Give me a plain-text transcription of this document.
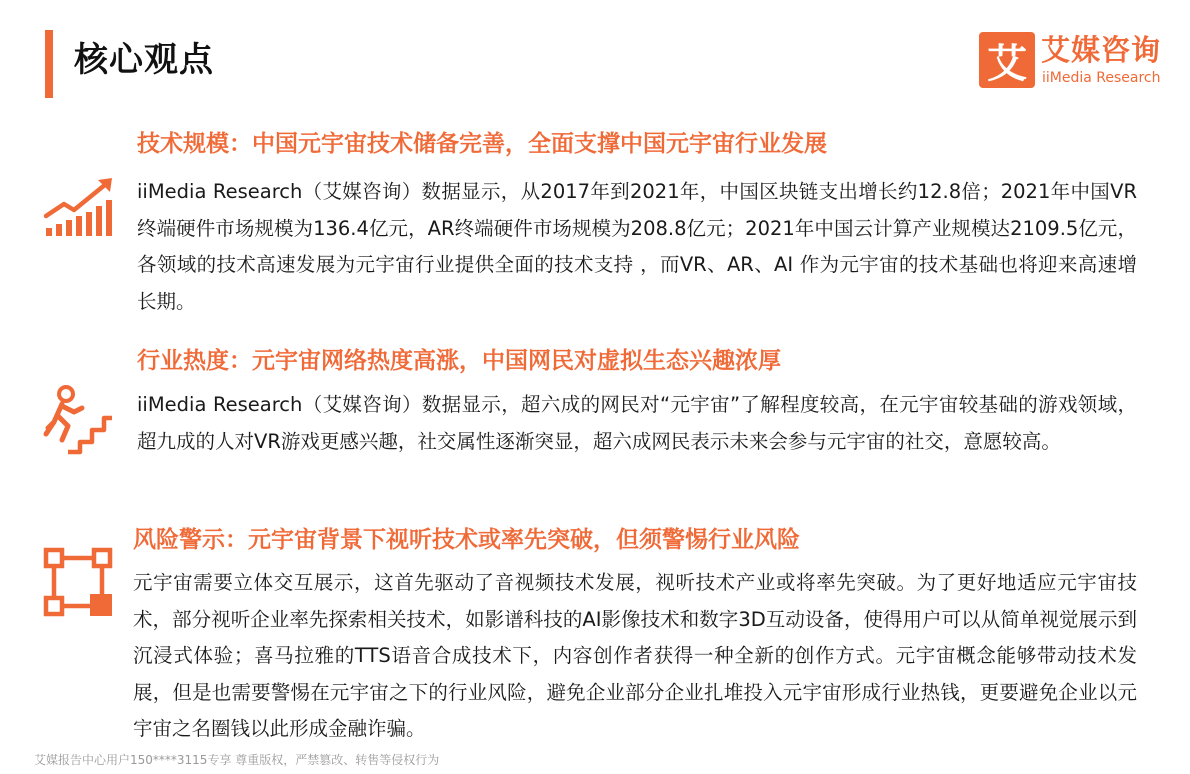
核心观点	艾 艾媒咨询
iiMedia Research
技术规模：中国元宇宙技术储备完善，全面支撑中国元宇宙行业发展
iiMedia Research（艾媒咨询）数据显示，从2017年到2021年，中国区块链支出增长约12.8倍；2021年中国VR终端硬件市场规模为136.4亿元，AR终端硬件市场规模为208.8亿元；2021年中国云计算产业规模达2109.5亿元，各领域的技术高速发展为元宇宙行业提供全面的技术支持 ，而VR、AR、AI 作为元宇宙的技术基础也将迎来高速增长期。
行业热度：元宇宙网络热度高涨，中国网民对虚拟生态兴趣浓厚
iiMedia Research（艾媒咨询）数据显示，超六成的网民对“元宇宙”了解程度较高，在元宇宙较基础的游戏领域，超九成的人对VR游戏更感兴趣，社交属性逐渐突显，超六成网民表示未来会参与元宇宙的社交，意愿较高。
风险警示：元宇宙背景下视听技术或率先突破，但须警惕行业风险
元宇宙需要立体交互展示，这首先驱动了音视频技术发展，视听技术产业或将率先突破。为了更好地适应元宇宙技术，部分视听企业率先探索相关技术，如影谱科技的AI影像技术和数字3D互动设备，使得用户可以从简单视觉展示到沉浸式体验；喜马拉雅的TTS语音合成技术下，内容创作者获得一种全新的创作方式。元宇宙概念能够带动技术发展，但是也需要警惕在元宇宙之下的行业风险，避免企业部分企业扎堆投入元宇宙形成行业热钱，更要避免企业以元宇宙之名圈钱以此形成金融诈骗。
艾媒报告中心用户150****3115专享 尊重版权，严禁篡改、转售等侵权行为
